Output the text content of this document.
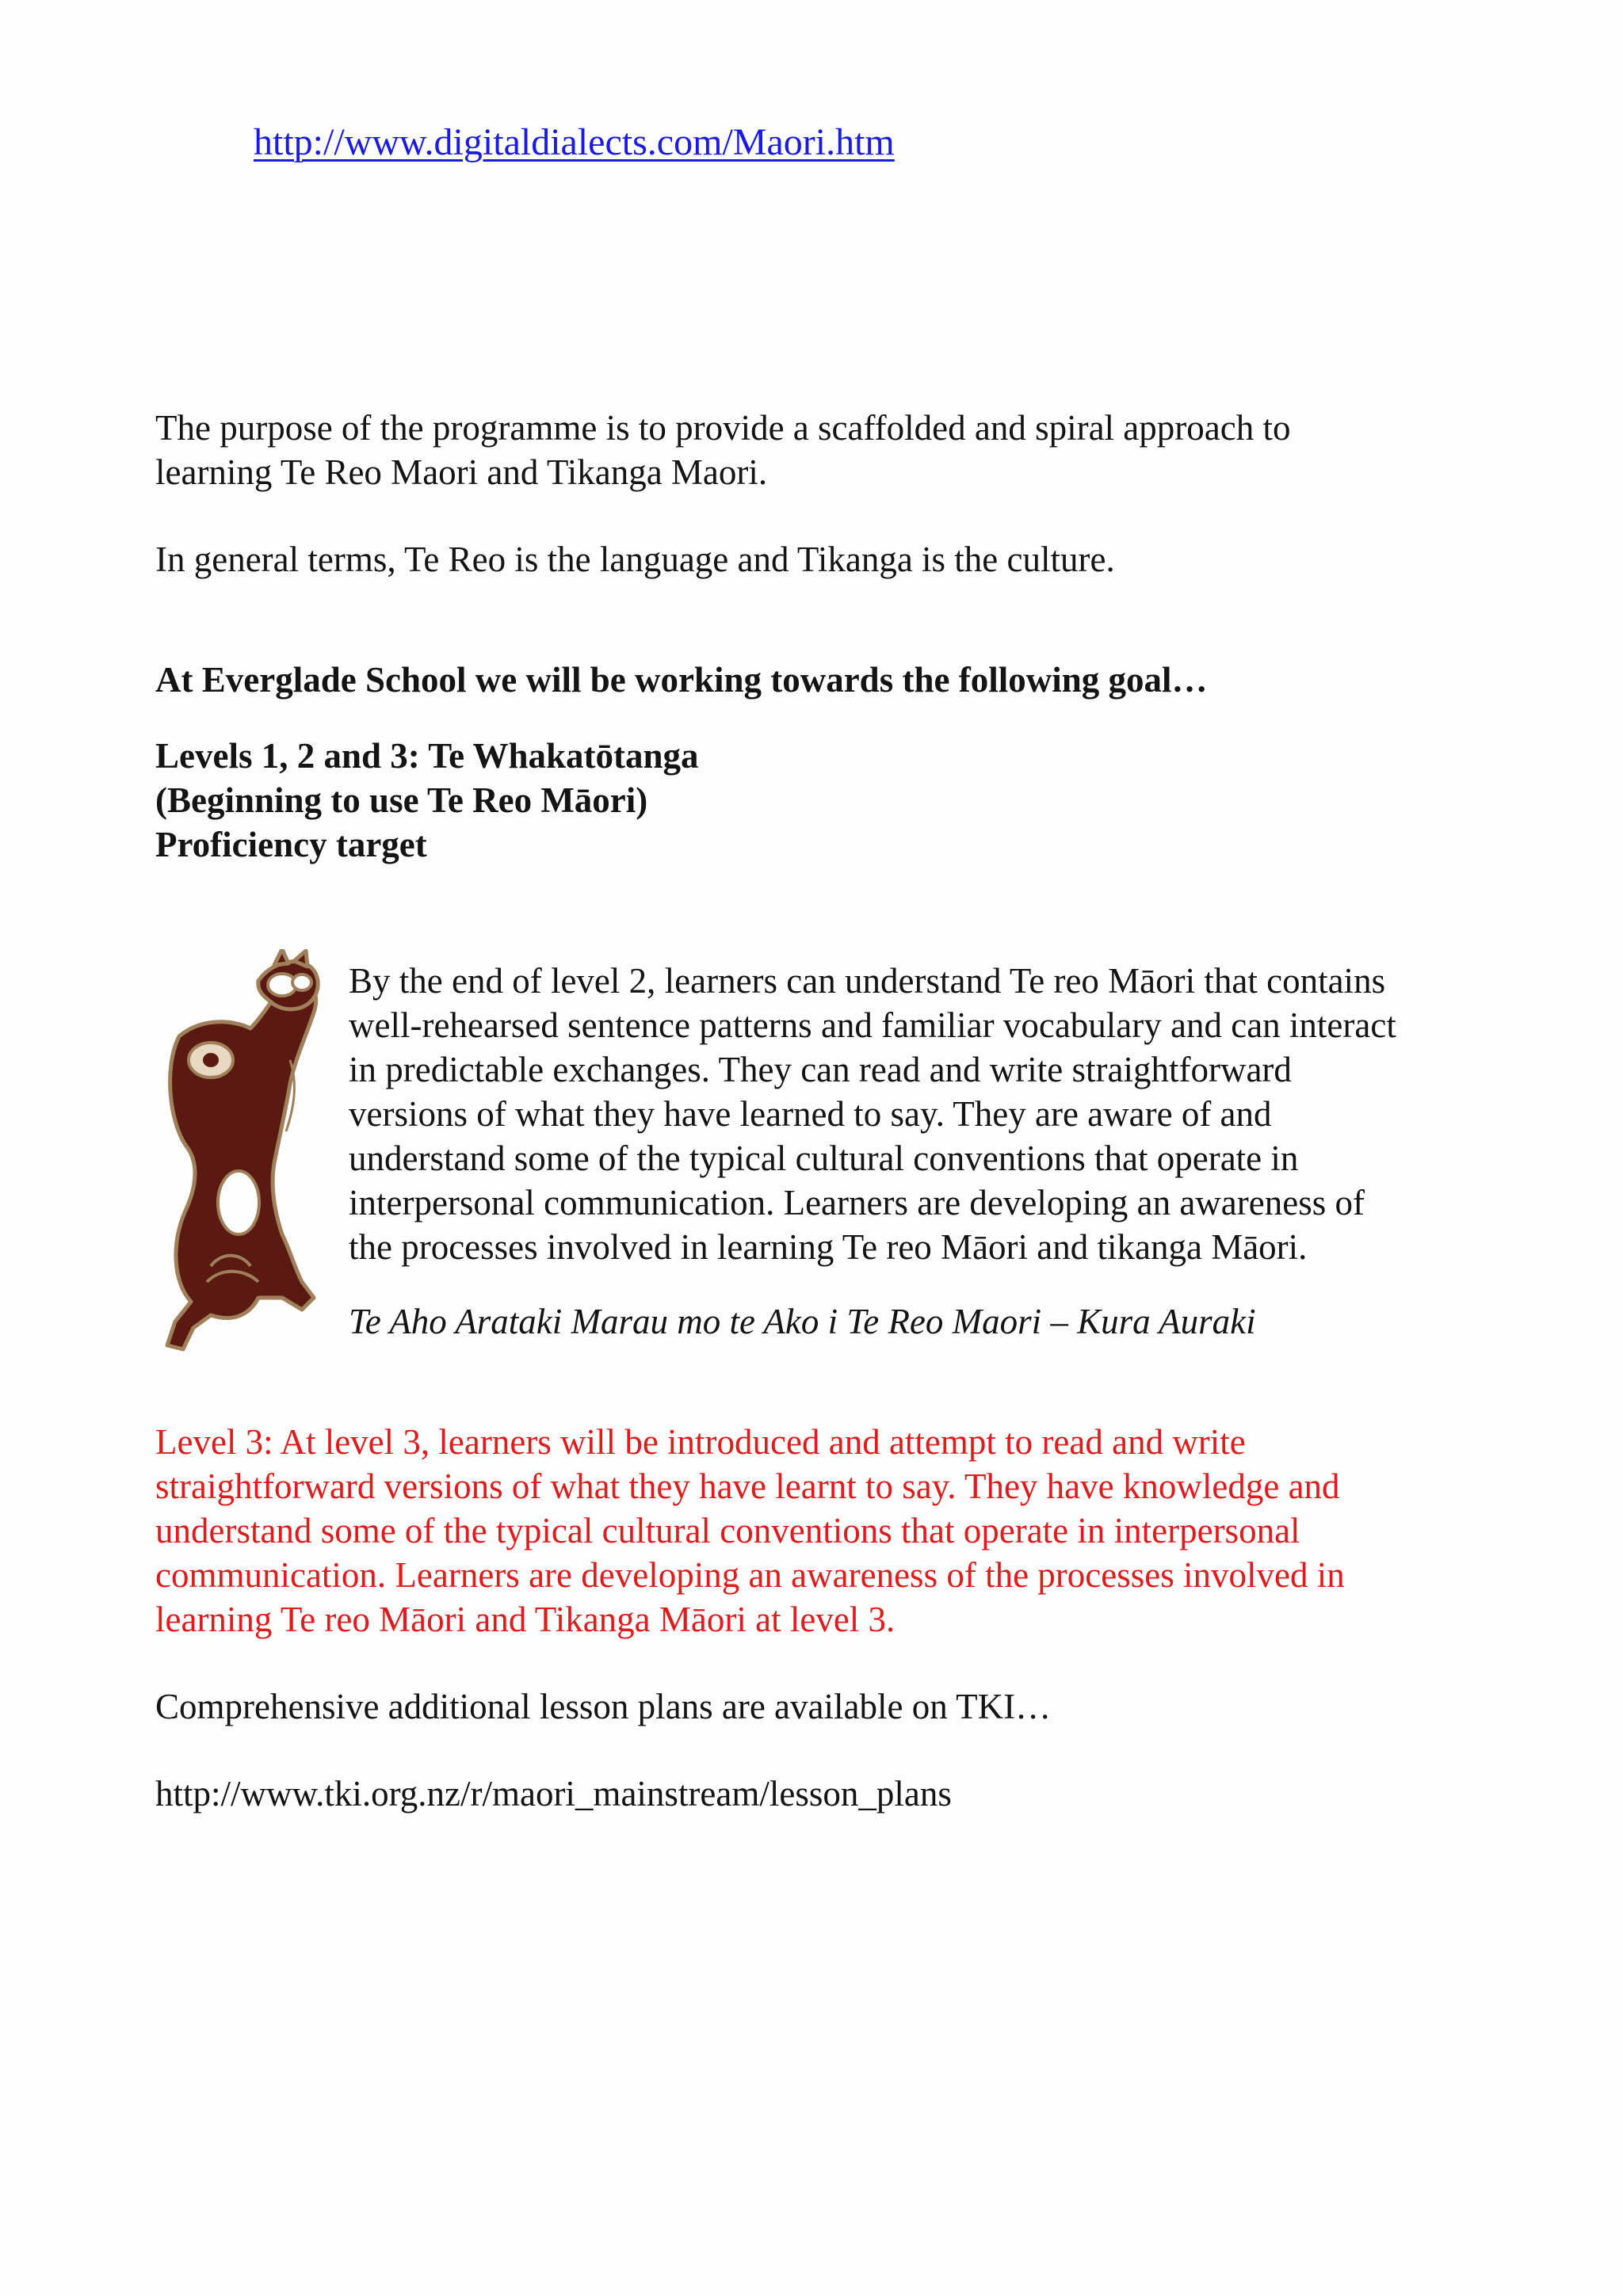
http://www.digitaldialects.com/Maori.htm
The purpose of the programme is to provide a scaffolded and spiral approach to
learning Te Reo Maori and Tikanga Maori.
In general terms, Te Reo is the language and Tikanga is the culture.
At Everglade School we will be working towards the following goal…
Levels 1, 2 and 3: Te Whakatōtanga
(Beginning to use Te Reo Māori)
Proficiency target
By the end of level 2, learners can understand Te reo Māori that contains
well-rehearsed sentence patterns and familiar vocabulary and can interact
in predictable exchanges. They can read and write straightforward
versions of what they have learned to say. They are aware of and
understand some of the typical cultural conventions that operate in
interpersonal communication. Learners are developing an awareness of
the processes involved in learning Te reo Māori and tikanga Māori.
Te Aho Arataki Marau mo te Ako i Te Reo Maori – Kura Auraki
Level 3: At level 3, learners will be introduced and attempt to read and write
straightforward versions of what they have learnt to say. They have knowledge and
understand some of the typical cultural conventions that operate in interpersonal
communication. Learners are developing an awareness of the processes involved in
learning Te reo Māori and Tikanga Māori at level 3.
Comprehensive additional lesson plans are available on TKI…
http://www.tki.org.nz/r/maori_mainstream/lesson_plans
